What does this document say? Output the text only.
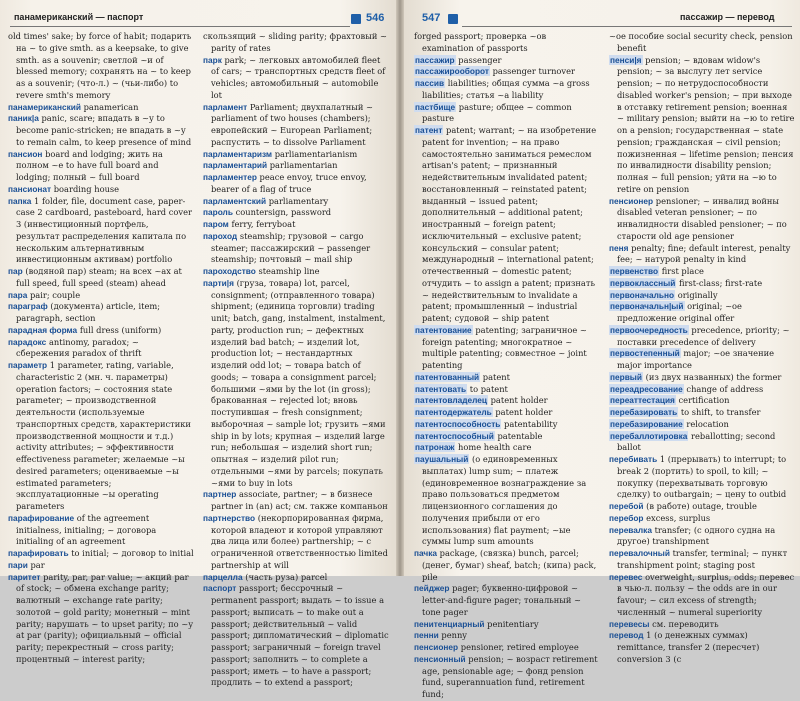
панамериканский — паспорт	546

old times' sake; by force of habit; подарить на ~ to give smth. as a keepsake, to give smth. as a souvenir; светлой ~и of blessed memory; сохранять на ~ to keep as a souvenir; (что-л.) ~ (чьи-либо) to revere smth's memory

панамериканский panamerican

паник|а panic, scare; впадать в ~у to become panic-stricken; не впадать в ~у to remain calm, to keep presence of mind

пансион board and lodging; жить на полном ~е to have full board and lodging; полный ~ full board

пансионат boarding house

папка 1 folder, file, document case, paper-case 2 cardboard, pasteboard, hard cover 3 (инвестиционный портфель, результат распределения капитала по нескольким альтернативным инвестиционным активам) portfolio

пар (водяной пар) steam; на всех ~ах at full speed, full speed (steam) ahead

пара pair; couple

параграф (документа) article, item; paragraph, section

парадная форма full dress (uniform)

парадокс antinomy, paradox; ~ сбережения paradox of thrift

параметр 1 parameter, rating, variable, characteristic 2 (мн. ч. параметры) operation factors; ~ состояния state parameter; ~ производственной деятельности (используемые транспортных средств, характеристики производственной мощности и т.д.) activity attributes; ~ эффективности effectiveness parameter; желаемые ~ы desired parameters; оцениваемые ~ы estimated parameters; эксплуатационные ~ы operating parameters

парафирование of the agreement initialness, initialing; ~ договора initialing of an agreement

парафировать to initial; ~ договор to initial

пари par

паритет parity, par, par value; ~ акций par of stock; ~ обмена exchange parity; валютный ~ exchange rate parity; золотой ~ gold parity; монетный ~ mint parity; нарушать ~ to upset parity; по ~у at par (parity); официальный ~ official parity; перекрестный ~ cross parity; процентный ~ interest parity;

скользящий ~ sliding parity; фрахтовый ~ parity of rates

парк park; ~ легковых автомобилей fleet of cars; ~ транспортных средств fleet of vehicles; автомобильный ~ automobile lot

парламент Parliament; двухпалатный ~ parliament of two houses (chambers); европейский ~ European Parliament; распустить ~ to dissolve Parliament

парламентаризм parliamentarianism

парламентарий parliamentarian

парламентер peace envoy, truce envoy, bearer of a flag of truce

парламентский parliamentary

пароль countersign, password

паром ferry, ferryboat

пароход steamship; грузовой ~ cargo steamer; пассажирский ~ passenger steamship; почтовый ~ mail ship

пароходство steamship line

парти|я (груза, товара) lot, parcel, consignment; (отправленного товара) shipment; (единица торговли) trading unit; batch, gang, instalment, instalment, party, production run; ~ дефектных изделий bad batch; ~ изделий lot, production lot; ~ нестандартных изделий odd lot; ~ товара batch of goods; ~ товара a consignment parcel; большими ~ями by the lot (in gross); бракованная ~ rejected lot; вновь поступившая ~ fresh consignment; выборочная ~ sample lot; грузить ~ями ship in by lots; крупная ~ изделий large run; небольшая ~ изделий short run; опытная ~ изделий pilot run; отдельными ~ями by parcels; покупать ~ями to buy in lots

партнер associate, partner; ~ в бизнесе partner in (an) act; см. также компаньон

партнерство (некорпорированная фирма, которой владеют и которой управляют два лица или более) partnership; ~ с ограниченной ответственностью limited partnership at will

парцелла (часть руза) parcel

паспорт passport; бессрочный ~ permanent passport; выдать ~ to issue a passport; выписать ~ to make out a passport; действительный ~ valid passport; дипломатический ~ diplomatic passport; заграничный ~ foreign travel passport; заполнить ~ to complete a passport; иметь ~ to have a passport; продлить ~ to extend a passport;

547	пассажир — перевод

forged passport; проверка ~ов examination of passports

пассажир passenger

пассажирооборот passenger turnover

пассив liabilities; общая сумма ~a gross liabilities; статья ~а liability

пастбище pasture; общее ~ common pasture

патент patent; warrant; ~ на изобретение patent for invention; ~ на право самостоятельно заниматься ремеслом artisan's patent; ~ признанный недействительным invalidated patent; восстановленный ~ reinstated patent; выданный ~ issued patent; дополнительный ~ additional patent; иностранный ~ foreign patent; исключительный ~ exclusive patent; консульский ~ consular patent; международный ~ international patent; отечественный ~ domestic patent; отчудить ~ to assign a patent; признать ~ недействительным to invalidate a patent; промышленный ~ industrial patent; судовой ~ ship patent

патентование patenting; заграничное ~ foreign patenting; многократное ~ multiple patenting; совместное ~ joint patenting

патентованный patent

патентовать to patent

патентовладелец patent holder

патентодержатель patent holder

патентоспособность patentability

патентоспособный patentable

патронаж home health care

паушальный (о единовременных выплатах) lump sum; ~ платеж (единовременное вознаграждение за право пользоваться предметом лицензионного соглашения до получения прибыли от его использования) flat payment; ~ые суммы lump sum amounts

пачка package, (связка) bunch, parcel; (денег, бумаг) sheaf, batch; (кипа) pack, pile

пейджер pager; буквенно-цифровой ~ letter-and-figure pager; тональный ~ tone pager

пенитенциарный penitentiary

пенни penny

пенсионер pensioner, retired employee

пенсионный pension; ~ возраст retirement age, pensionable age; ~ фонд pension fund, superannuation fund, retirement fund;

~ое пособие social security check, pension benefit

пенси|я pension; ~ вдовам widow's pension; ~ за выслугу лет service pension; ~ по нетрудоспособности disabled worker's pension; ~ при выходе в отставку retirement pension; военная ~ military pension; выйти на ~ю to retire on a pension; государственная ~ state pension; гражданская ~ civil pension; пожизненная ~ lifetime pension; пенсия по инвалидности disability pension; полная ~ full pension; уйти на ~ю to retire on pension

пенсионер pensioner; ~ инвалид войны disabled veteran pensioner; ~ по инвалидности disabled pensioner; ~ по старости old age pensioner

пеня penalty; fine; default interest, penalty fee; ~ натурой penalty in kind

первенство first place

первоклассный first-class; first-rate

первоначально originally

первоначальн|ый original; ~ое предложение original offer

первоочередность precedence, priority; ~ поставки precedence of delivery

первостепенный major; ~ое значение major importance

первый (из двух названных) the former

переадресование change of address

переаттестация certification

перебазировать to shift, to transfer

перебазирование relocation

перебаллотировка reballotting; second ballot

перебивать 1 (прерывать) to interrupt; to break 2 (портить) to spoil, to kill; ~ покупку (перехватывать торговую сделку) to outbargain; ~ цену to outbid

перебой (в работе) outage, trouble

перебор excess, surplus

перевалка transfer; (с одного судна на другое) transhipment

перевалочный transfer, terminal; ~ пункт transhipment point; staging post

перевес overweight, surplus, odds; перевес в чью-л. пользу ~ the odds are in our favour; ~ сил excess of strength; численный ~ numeral superiority

перевесы см. переводить

перевод 1 (о денежных суммах) remittance, transfer 2 (пересчет) conversion 3 (с
